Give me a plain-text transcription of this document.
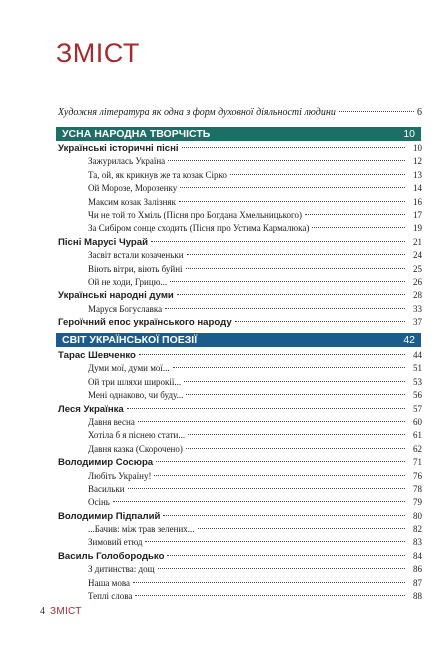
ЗМІСТ
Художня література як одна з форм духовної діяльності людини	6
УСНА НАРОДНА ТВОРЧІСТЬ	10
Українські історичні пісні	10
Зажурилась Україна	12
Та, ой, як крикнув же та козак Сірко	13
Ой Морозе, Морозенку	14
Максим козак Залізняк	16
Чи не той то Хміль (Пісня про Богдана Хмельницького)	17
За Сибіром сонце сходить (Пісня про Устима Кармалюка)	19
Пісні Марусі Чурай	21
Засвіт встали козаченьки	24
Віють вітри, віють буйні	25
Ой не ходи, Грицю...	26
Українські народні думи	28
Маруся Богуславка	33
Героїчний епос українського народу	37
СВІТ УКРАЇНСЬКОЇ ПОЕЗІЇ	42
Тарас Шевченко	44
Думи мої, думи мої...	51
Ой три шляхи широкії...	53
Мені однаково, чи буду...	56
Леся Українка	57
Давня весна	60
Хотіла б я піснею стати...	61
Давня казка (Скорочено)	62
Володимир Сосюра	71
Любіть Україну!	76
Васильки	78
Осінь	79
Володимир Підпалий	80
...Бачив: між трав зелених...	82
Зимовий етюд	83
Василь Голобородько	84
З дитинства: дощ	86
Наша мова	87
Теплі слова	88
4 ЗМІСТ
